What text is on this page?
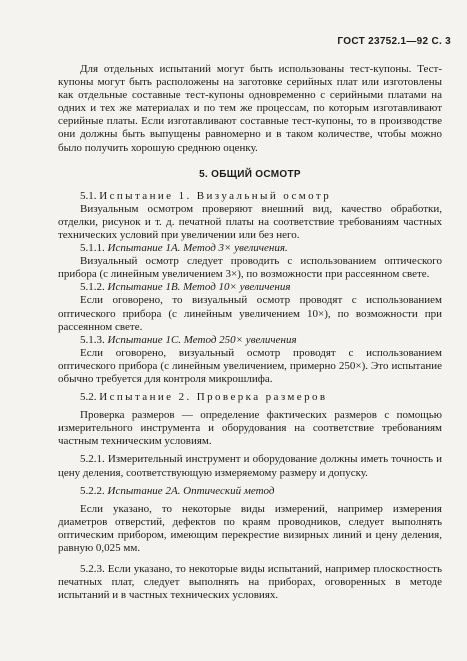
ГОСТ 23752.1—92 С. 3

Для отдельных испытаний могут быть использованы тест-купоны. Тест-купоны могут быть расположены на заготовке серийных плат или изготовлены как отдельные составные тест-купоны одновременно с серийными платами на одних и тех же материалах и по тем же процессам, по которым изготавливают серийные платы. Если изготавливают составные тест-купоны, то в производстве они должны быть выпущены равномерно и в таком количестве, чтобы можно было получить хорошую среднюю оценку.

5. ОБЩИЙ ОСМОТР

5.1. Испытание 1. Визуальный осмотр

Визуальным осмотром проверяют внешний вид, качество обработки, отделки, рисунок и т. д. печатной платы на соответствие требованиям частных технических условий при увеличении или без него.

5.1.1. Испытание 1А. Метод 3× увеличения.

Визуальный осмотр следует проводить с использованием оптического прибора (с линейным увеличением 3×), по возможности при рассеянном свете.

5.1.2. Испытание 1В. Метод 10× увеличения

Если оговорено, то визуальный осмотр проводят с использованием оптического прибора (с линейным увеличением 10×), по возможности при рассеянном свете.

5.1.3. Испытание 1С. Метод 250× увеличения

Если оговорено, визуальный осмотр проводят с использованием оптического прибора (с линейным увеличением, примерно 250×). Это испытание обычно требуется для контроля микрошлифа.

5.2. Испытание 2. Проверка размеров

Проверка размеров — определение фактических размеров с помощью измерительного инструмента и оборудования на соответствие требованиям частным техническим условиям.

5.2.1. Измерительный инструмент и оборудование должны иметь точность и цену деления, соответствующую измеряемому размеру и допуску.

5.2.2. Испытание 2А. Оптический метод

Если указано, то некоторые виды измерений, например измерения диаметров отверстий, дефектов по краям проводников, следует выполнять оптическим прибором, имеющим перекрестие визирных линий и цену деления, равную 0,025 мм.

5.2.3. Если указано, то некоторые виды испытаний, например плоскостность печатных плат, следует выполнять на приборах, оговоренных в методе испытаний и в частных технических условиях.
